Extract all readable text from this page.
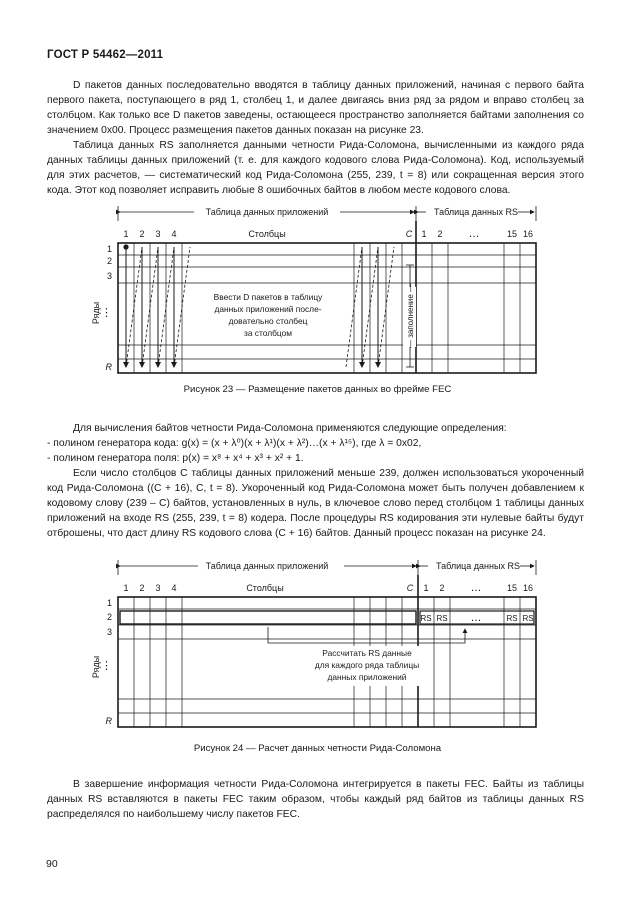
ГОСТ Р 54462—2011

D пакетов данных последовательно вводятся в таблицу данных приложений, начиная с первого байта первого пакета, поступающего в ряд 1, столбец 1, и далее двигаясь вниз ряд за рядом и вправо столбец за столбцом. Как только все D пакетов заведены, остающееся пространство заполняется байтами заполнения со значением 0x00. Процесс размещения пакетов данных показан на рисунке 23.

Таблица данных RS заполняется данными четности Рида-Соломона, вычисленными из каждого ряда данных таблицы данных приложений (т. е. для каждого кодового слова Рида-Соломона). Код, используемый для этих расчетов, — систематический код Рида-Соломона (255, 239, t = 8) или сокращенная версия этого кода. Этот код позволяет исправить любые 8 ошибочных байтов в любом месте кодового слова.

Таблица данных приложений	Таблица данных RS
1 2 3 4	Столбцы	C 1 2 …	15 16
1
2
3
⋮
R
Ряды
Ввести D пакетов в таблицу
данных приложений после-
довательно столбец
за столбцом	— заполнение —
Рисунок 23 — Размещение пакетов данных во фрейме FEC

Для вычисления байтов четности Рида-Соломона применяются следующие определения:

- полином генератора кода: g(x) = (x + λ⁰)(x + λ¹)(x + λ²)…(x + λ¹⁵), где λ = 0x02,

- полином генератора поля: p(x) = x⁸ + x⁴ + x³ + x² + 1.

Если число столбцов C таблицы данных приложений меньше 239, должен использоваться укороченный код Рида-Соломона ((C + 16), C, t = 8). Укороченный код Рида-Соломона может быть получен добавлением к кодовому слову (239 – C) байтов, установленных в нуль, в ключевое слово перед столбцом 1 таблицы данных приложений на входе RS (255, 239, t = 8) кодера. После процедуры RS кодирования эти нулевые байты будут отброшены, что даст длину RS кодового слова (C + 16) байтов. Данный процесс показан на рисунке 24.

Таблица данных приложений	Таблица данных RS
1 2 3 4	Столбцы	C 1 2 …	15 16
RS RS …	RS RS
1
2
3
⋮
R
Ряды
Рассчитать RS данные
для каждого ряда таблицы
данных приложений
Рисунок 24 — Расчет данных четности Рида-Соломона

В завершение информация четности Рида-Соломона интегрируется в пакеты FEC. Байты из таблицы данных RS вставляются в пакеты FEC таким образом, чтобы каждый ряд байтов из таблицы данных RS распределялся по наибольшему числу пакетов FEC.

90
